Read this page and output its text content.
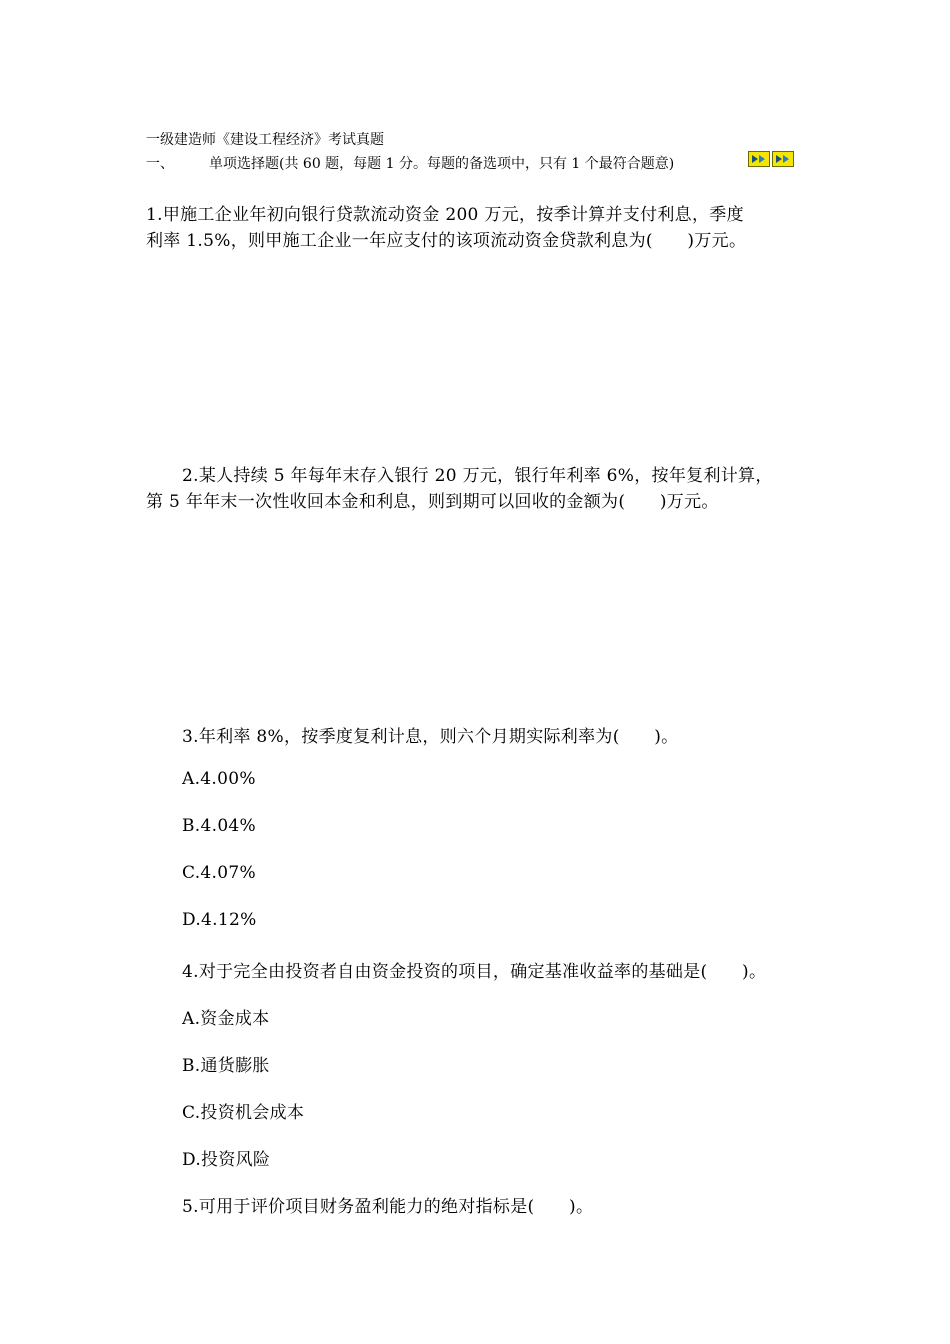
一级建造师《建设工程经济》考试真题
一、	单项选择题(共 60 题，每题 1 分。每题的备选项中，只有 1 个最符合题意)
1.甲施工企业年初向银行贷款流动资金 200 万元，按季计算并支付利息，季度
利率 1.5%，则甲施工企业一年应支付的该项流动资金贷款利息为(　　)万元。
2.某人持续 5 年每年末存入银行 20 万元，银行年利率 6%，按年复利计算，
第 5 年年末一次性收回本金和利息，则到期可以回收的金额为(　　)万元。
3.年利率 8%，按季度复利计息，则六个月期实际利率为(　　)。
A.4.00%
B.4.04%
C.4.07%
D.4.12%
4.对于完全由投资者自由资金投资的项目，确定基准收益率的基础是(　　)。
A.资金成本
B.通货膨胀
C.投资机会成本
D.投资风险
5.可用于评价项目财务盈利能力的绝对指标是(　　)。
